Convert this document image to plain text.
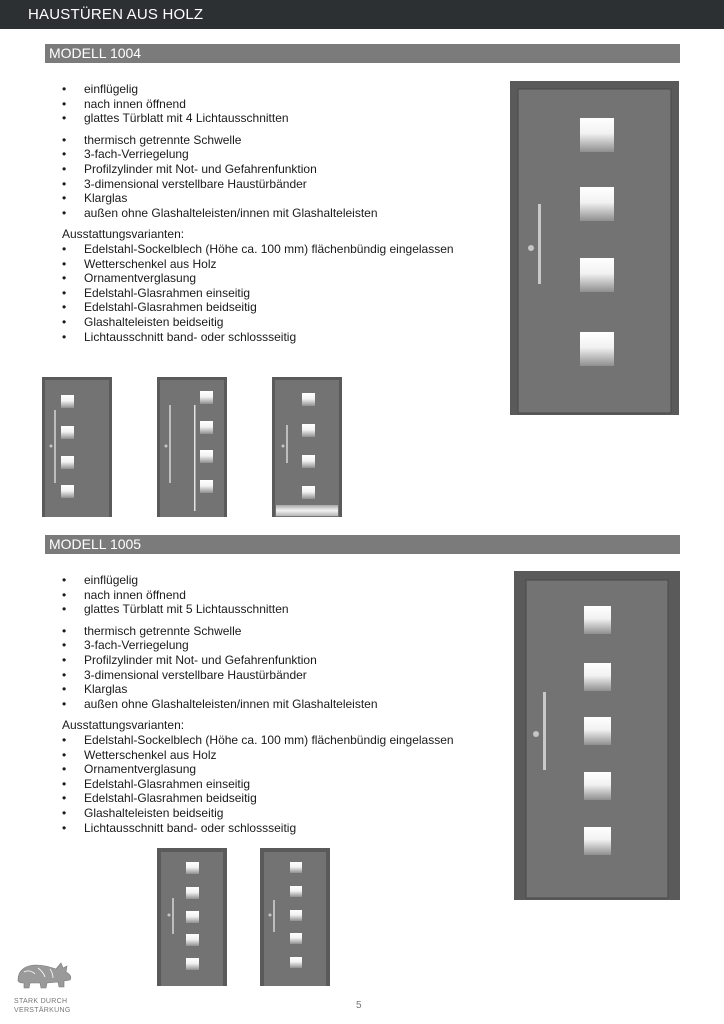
HAUSTÜREN AUS HOLZ
MODELL 1004
• einflügelig
• nach innen öffnend
• glattes Türblatt mit 4 Lichtausschnitten
• thermisch getrennte Schwelle
• 3-fach-Verriegelung
• Profilzylinder mit Not- und Gefahrenfunktion
• 3-dimensional verstellbare Haustürbänder
• Klarglas
• außen ohne Glashalteleisten/innen mit Glashalteleisten
Ausstattungsvarianten:
• Edelstahl-Sockelblech (Höhe ca. 100 mm) flächenbündig eingelassen
• Wetterschenkel aus Holz
• Ornamentverglasung
• Edelstahl-Glasrahmen einseitig
• Edelstahl-Glasrahmen beidseitig
• Glashalteleisten beidseitig
• Lichtausschnitt band- oder schlossseitig
MODELL 1005
• einflügelig
• nach innen öffnend
• glattes Türblatt mit 5 Lichtausschnitten
• thermisch getrennte Schwelle
• 3-fach-Verriegelung
• Profilzylinder mit Not- und Gefahrenfunktion
• 3-dimensional verstellbare Haustürbänder
• Klarglas
• außen ohne Glashalteleisten/innen mit Glashalteleisten
Ausstattungsvarianten:
• Edelstahl-Sockelblech (Höhe ca. 100 mm) flächenbündig eingelassen
• Wetterschenkel aus Holz
• Ornamentverglasung
• Edelstahl-Glasrahmen einseitig
• Edelstahl-Glasrahmen beidseitig
• Glashalteleisten beidseitig
• Lichtausschnitt band- oder schlossseitig
STARK DURCH
VERSTÄRKUNG	5
